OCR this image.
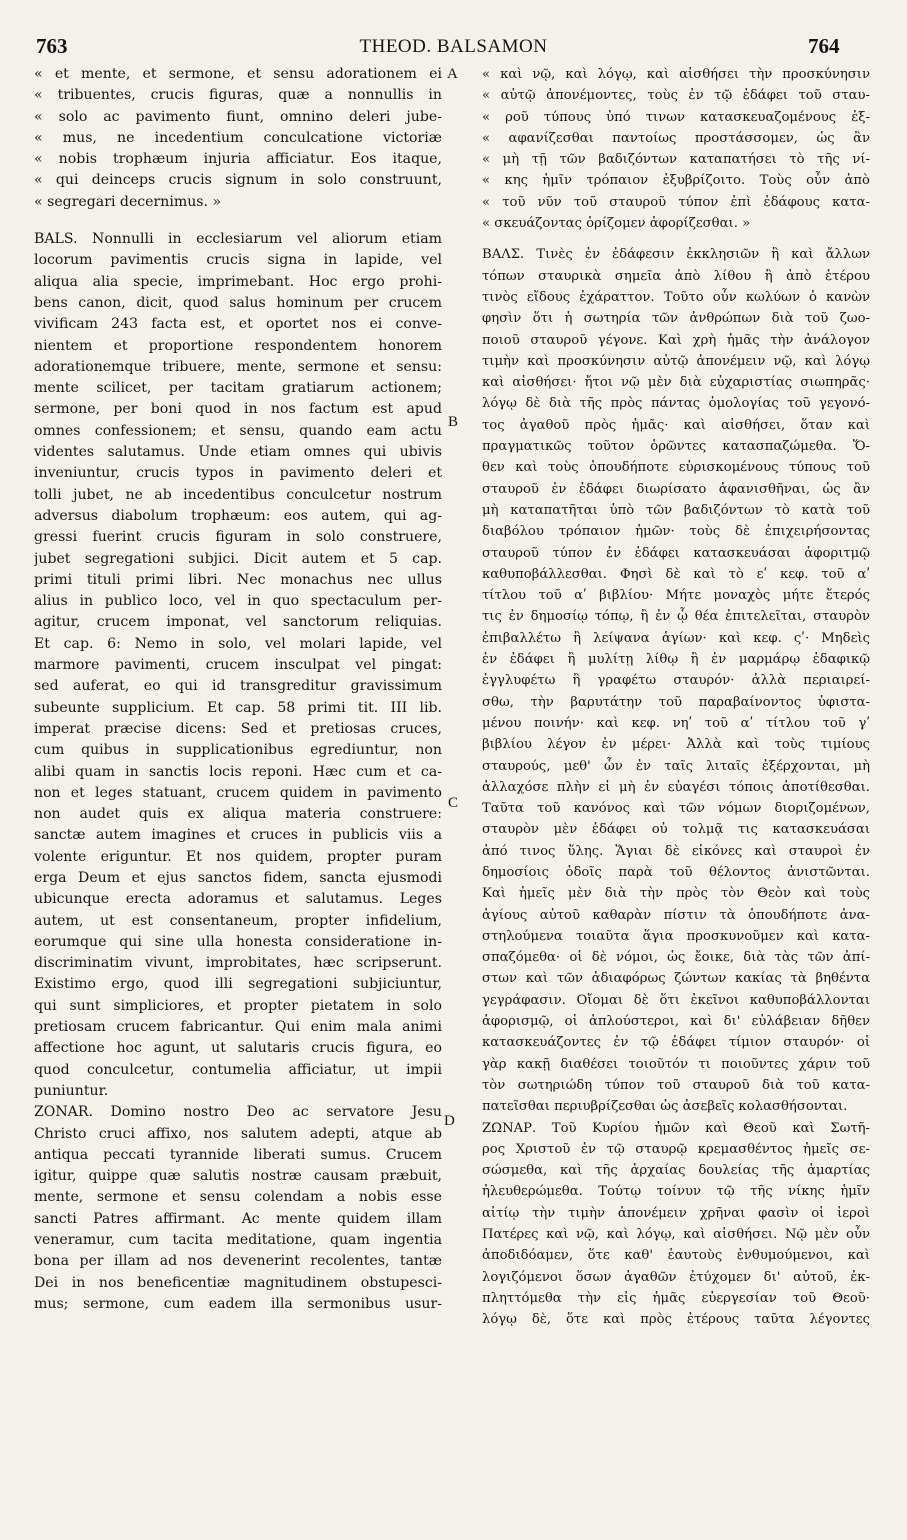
763	THEOD. BALSAMON	764
A
B
C
D
« et mente, et sermone, et sensu adorationem ei
« tribuentes, crucis figuras, quæ a nonnullis in
« solo ac pavimento fiunt, omnino deleri jube-
« mus, ne incedentium conculcatione victoriæ
« nobis trophæum injuria afficiatur. Eos itaque,
« qui deinceps crucis signum in solo construunt,
« segregari decernimus. »
BALS. Nonnulli in ecclesiarum vel aliorum etiam
locorum pavimentis crucis signa in lapide, vel
aliqua alia specie, imprimebant. Hoc ergo prohi-
bens canon, dicit, quod salus hominum per crucem
vivificam 243 facta est, et oportet nos ei conve-
nientem et proportione respondentem honorem
adorationemque tribuere, mente, sermone et sensu:
mente scilicet, per tacitam gratiarum actionem;
sermone, per boni quod in nos factum est apud
omnes confessionem; et sensu, quando eam actu
videntes salutamus. Unde etiam omnes qui ubivis
inveniuntur, crucis typos in pavimento deleri et
tolli jubet, ne ab incedentibus conculcetur nostrum
adversus diabolum trophæum: eos autem, qui ag-
gressi fuerint crucis figuram in solo construere,
jubet segregationi subjici. Dicit autem et 5 cap.
primi tituli primi libri. Nec monachus nec ullus
alius in publico loco, vel in quo spectaculum per-
agitur, crucem imponat, vel sanctorum reliquias.
Et cap. 6: Nemo in solo, vel molari lapide, vel
marmore pavimenti, crucem insculpat vel pingat:
sed auferat, eo qui id transgreditur gravissimum
subeunte supplicium. Et cap. 58 primi tit. III lib.
imperat præcise dicens: Sed et pretiosas cruces,
cum quibus in supplicationibus egrediuntur, non
alibi quam in sanctis locis reponi. Hæc cum et ca-
non et leges statuant, crucem quidem in pavimento
non audet quis ex aliqua materia construere:
sanctæ autem imagines et cruces in publicis viis a
volente eriguntur. Et nos quidem, propter puram
erga Deum et ejus sanctos fidem, sancta ejusmodi
ubicunque erecta adoramus et salutamus. Leges
autem, ut est consentaneum, propter infidelium,
eorumque qui sine ulla honesta consideratione in-
discriminatim vivunt, improbitates, hæc scripserunt.
Existimo ergo, quod illi segregationi subjiciuntur,
qui sunt simpliciores, et propter pietatem in solo
pretiosam crucem fabricantur. Qui enim mala animi
affectione hoc agunt, ut salutaris crucis figura, eo
quod conculcetur, contumelia afficiatur, ut impii
puniuntur.
ZONAR. Domino nostro Deo ac servatore Jesu
Christo cruci affixo, nos salutem adepti, atque ab
antiqua peccati tyrannide liberati sumus. Crucem
igitur, quippe quæ salutis nostræ causam præbuit,
mente, sermone et sensu colendam a nobis esse
sancti Patres affirmant. Ac mente quidem illam
veneramur, cum tacita meditatione, quam ingentia
bona per illam ad nos devenerint recolentes, tantæ
Dei in nos beneficentiæ magnitudinem obstupesci-
mus; sermone, cum eadem illa sermonibus usur-
« καὶ νῷ, καὶ λόγῳ, καὶ αἰσθήσει τὴν προσκύνησιν
« αὐτῷ ἀπονέμοντες, τοὺς ἐν τῷ ἐδάφει τοῦ σταυ-
« ροῦ τύπους ὑπό τινων κατασκευαζομένους ἐξ-
« αφανίζεσθαι παντοίως προστάσσομεν, ὡς ἂν
« μὴ τῇ τῶν βαδιζόντων καταπατήσει τὸ τῆς νί-
« κης ἡμῖν τρόπαιον ἐξυβρίζοιτο. Τοὺς οὖν ἀπὸ
« τοῦ νῦν τοῦ σταυροῦ τύπον ἐπὶ ἐδάφους κατα-
« σκευάζοντας ὁρίζομεν ἀφορίζεσθαι. »
ΒΑΛΣ. Τινὲς ἐν ἐδάφεσιν ἐκκλησιῶν ἢ καὶ ἄλλων
τόπων σταυρικὰ σημεῖα ἀπὸ λίθου ἢ ἀπὸ ἑτέρου
τινὸς εἴδους ἐχάραττον. Τοῦτο οὖν κωλύων ὁ κανὼν
φησὶν ὅτι ἡ σωτηρία τῶν ἀνθρώπων διὰ τοῦ ζωο-
ποιοῦ σταυροῦ γέγονε. Καὶ χρὴ ἡμᾶς τὴν ἀνάλογον
τιμὴν καὶ προσκύνησιν αὐτῷ ἀπονέμειν νῷ, καὶ λόγῳ
καὶ αἰσθήσει· ἤτοι νῷ μὲν διὰ εὐχαριστίας σιωπηρᾶς·
λόγῳ δὲ διὰ τῆς πρὸς πάντας ὁμολογίας τοῦ γεγονό-
τος ἀγαθοῦ πρὸς ἡμᾶς· καὶ αἰσθήσει, ὅταν καὶ
πραγματικῶς τοῦτον ὁρῶντες κατασπαζώμεθα. Ὅ-
θεν καὶ τοὺς ὁπουδήποτε εὑρισκομένους τύπους τοῦ
σταυροῦ ἐν ἐδάφει διωρίσατο ἀφανισθῆναι, ὡς ἂν
μὴ καταπατῆται ὑπὸ τῶν βαδιζόντων τὸ κατὰ τοῦ
διαβόλου τρόπαιον ἡμῶν· τοὺς δὲ ἐπιχειρήσοντας
σταυροῦ τύπον ἐν ἐδάφει κατασκευάσαι ἀφοριτμῷ
καθυποβάλλεσθαι. Φησὶ δὲ καὶ τὸ εʹ κεφ. τοῦ αʹ
τίτλου τοῦ αʹ βιβλίου· Μήτε μοναχὸς μήτε ἕτερός
τις ἐν δημοσίῳ τόπῳ, ἢ ἐν ᾧ θέα ἐπιτελεῖται, σταυρὸν
ἐπιβαλλέτω ἢ λείψανα ἁγίων· καὶ κεφ. ςʹ· Μηδεὶς
ἐν ἐδάφει ἢ μυλίτῃ λίθῳ ἢ ἐν μαρμάρῳ ἐδαφικῷ
ἐγγλυφέτω ἢ γραφέτω σταυρόν· ἀλλὰ περιαιρεί-
σθω, τὴν βαρυτάτην τοῦ παραβαίνοντος ὑφιστα-
μένου ποινήν· καὶ κεφ. νηʹ τοῦ αʹ τίτλου τοῦ γʹ
βιβλίου λέγον ἐν μέρει· Ἀλλὰ καὶ τοὺς τιμίους
σταυρούς, μεθ' ὧν ἐν ταῖς λιταῖς ἐξέρχονται, μὴ
ἀλλαχόσε πλὴν εἰ μὴ ἐν εὐαγέσι τόποις ἀποτίθεσθαι.
Ταῦτα τοῦ κανόνος καὶ τῶν νόμων διοριζομένων,
σταυρὸν μὲν ἐδάφει οὐ τολμᾷ τις κατασκευάσαι
ἀπό τινος ὕλης. Ἅγιαι δὲ εἰκόνες καὶ σταυροὶ ἐν
δημοσίοις ὁδοῖς παρὰ τοῦ θέλοντος ἀνιστῶνται.
Καὶ ἡμεῖς μὲν διὰ τὴν πρὸς τὸν Θεὸν καὶ τοὺς
ἁγίους αὐτοῦ καθαρὰν πίστιν τὰ ὁπουδήποτε ἀνα-
στηλούμενα τοιαῦτα ἅγια προσκυνοῦμεν καὶ κατα-
σπαζόμεθα· οἱ δὲ νόμοι, ὡς ἔοικε, διὰ τὰς τῶν ἀπί-
στων καὶ τῶν ἀδιαφόρως ζώντων κακίας τὰ βηθέντα
γεγράφασιν. Οἴομαι δὲ ὅτι ἐκεῖνοι καθυποβάλλονται
ἀφορισμῷ, οἱ ἁπλούστεροι, καὶ δι' εὐλάβειαν δῆθεν
κατασκευάζοντες ἐν τῷ ἐδάφει τίμιον σταυρόν· οἱ
γὰρ κακῇ διαθέσει τοιοῦτόν τι ποιοῦντες χάριν τοῦ
τὸν σωτηριώδη τύπον τοῦ σταυροῦ διὰ τοῦ κατα-
πατεῖσθαι περιυβρίζεσθαι ὡς ἀσεβεῖς κολασθήσονται.
ΖΩΝΑΡ. Τοῦ Κυρίου ἡμῶν καὶ Θεοῦ καὶ Σωτῆ-
ρος Χριστοῦ ἐν τῷ σταυρῷ κρεμασθέντος ἡμεῖς σε-
σώσμεθα, καὶ τῆς ἀρχαίας δουλείας τῆς ἁμαρτίας
ἠλευθερώμεθα. Τούτῳ τοίνυν τῷ τῆς νίκης ἡμῖν
αἰτίῳ τὴν τιμὴν ἀπονέμειν χρῆναι φασὶν οἱ ἱεροὶ
Πατέρες καὶ νῷ, καὶ λόγῳ, καὶ αἰσθήσει. Νῷ μὲν οὖν
ἀποδιδόαμεν, ὅτε καθ' ἑαυτοὺς ἐνθυμούμενοι, καὶ
λογιζόμενοι ὅσων ἀγαθῶν ἐτύχομεν δι' αὐτοῦ, ἐκ-
πληττόμεθα τὴν εἰς ἡμᾶς εὐεργεσίαν τοῦ Θεοῦ·
λόγῳ δὲ, ὅτε καὶ πρὸς ἑτέρους ταῦτα λέγοντες
